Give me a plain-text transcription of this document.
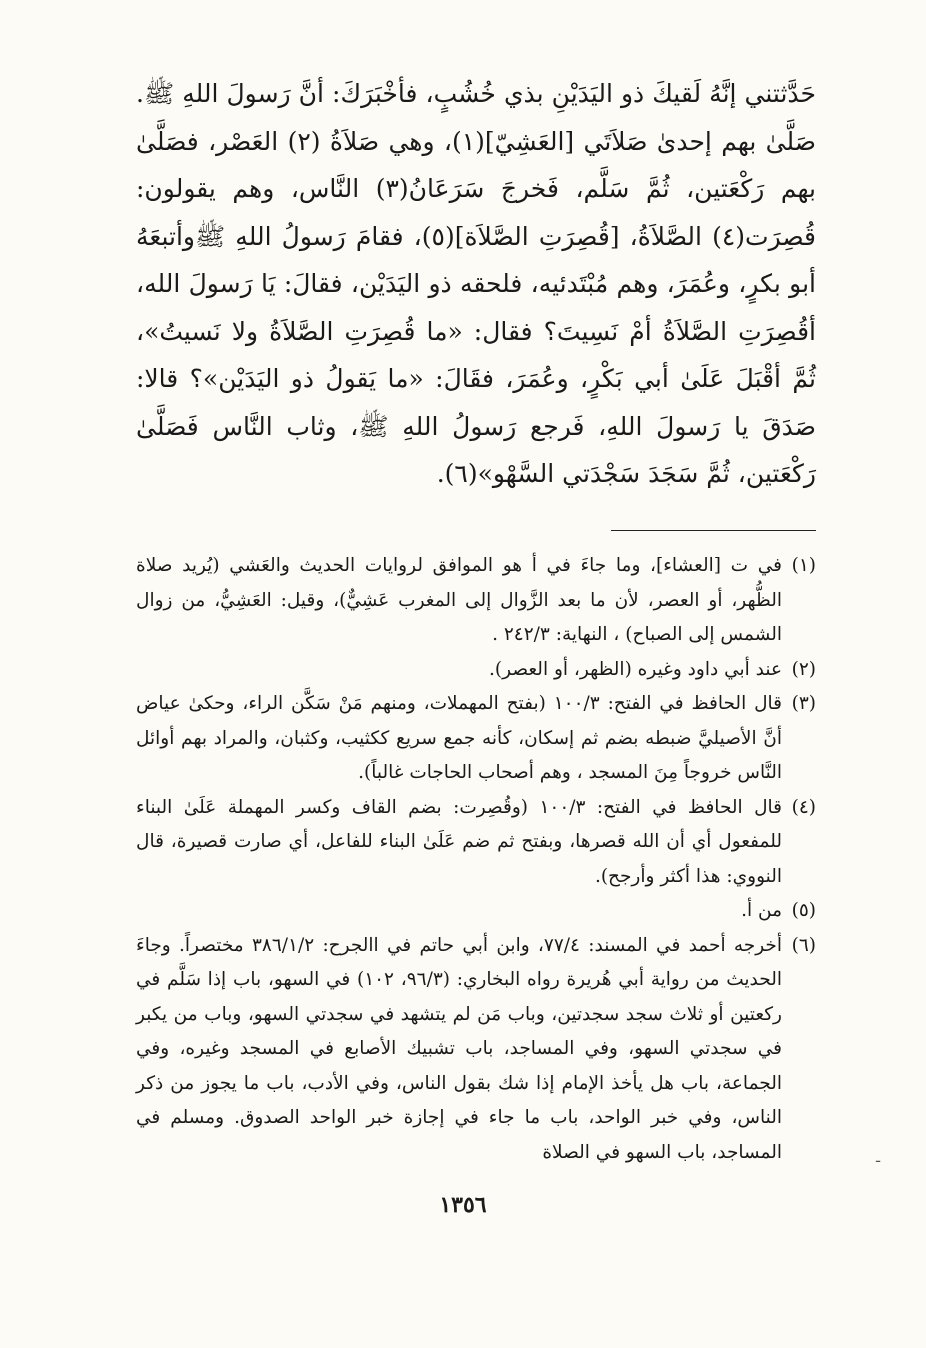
حَدَّثتني إنَّهُ لَقيكَ ذو اليَدَيْنِ بذي خُشُبٍ، فأخْبَرَكَ: أنَّ رَسولَ اللهِ ﷺ. صَلَّىٰ بهم إحدىٰ صَلاَتَي [العَشِيّ](١)، وهي صَلاَةُ (٢) العَصْر، فصَلَّىٰ بهم رَكْعَتين، ثُمَّ سَلَّم، فَخرجَ سَرَعَانُ(٣) النَّاس، وهم يقولون: قُصِرَت(٤) الصَّلاَةُ، [قُصِرَتِ الصَّلاَة](٥)، فقامَ رَسولُ اللهِ ﷺوأتبعَهُ أبو بكرٍ، وعُمَرَ، وهم مُبْتَدئيه، فلحقه ذو اليَدَيْن، فقالَ: يَا رَسولَ الله، أقُصِرَتِ الصَّلاَةُ أمْ نَسِيتَ؟ فقال: «ما قُصِرَتِ الصَّلاَةُ ولا نَسيتُ»، ثُمَّ أقْبَلَ عَلَىٰ أبي بَكْرٍ، وعُمَرَ، فقَالَ: «ما يَقولُ ذو اليَدَيْن»؟ قالا: صَدَقَ يا رَسولَ اللهِ، فَرجع رَسولُ اللهِ ﷺ، وثاب النَّاس فَصَلَّىٰ رَكْعَتين، ثُمَّ سَجَدَ سَجْدَتي السَّهْو»(٦).

(١)
في ت [العشاء]، وما جاءَ في أ هو الموافق لروايات الحديث والعَشي (يُريد صلاة الظُّهر، أو العصر، لأن ما بعد الزَّوال إلى المغرب عَشِيٌّ)، وقيل: العَشِيُّ، من زوال الشمس إلى الصباح) ، النهاية: ٢٤٢/٣ .
(٢)
عند أبي داود وغيره (الظهر، أو العصر).
(٣)
قال الحافظ في الفتح: ١٠٠/٣ (بفتح المهملات، ومنهم مَنْ سَكَّن الراء، وحكىٰ عياض أنَّ الأصيليَّ ضبطه بضم ثم إسكان، كأنه جمع سريع ككثيب، وكثبان، والمراد بهم أوائل النَّاس خروجاً مِنَ المسجد ، وهم أصحاب الحاجات غالباً).
(٤)
قال الحافظ في الفتح: ١٠٠/٣ (وقُصِرت: بضم القاف وكسر المهملة عَلَىٰ البناء للمفعول أي أن الله قصرها، وبفتح ثم ضم عَلَىٰ البناء للفاعل، أي صارت قصيرة، قال النووي: هذا أكثر وأرجح).
(٥)
من أ.
(٦)
أخرجه أحمد في المسند: ٧٧/٤، وابن أبي حاتم في االجرح: ٣٨٦/١/٢ مختصراً. وجاءَ الحديث من رواية أبي هُريرة رواه البخاري: (٩٦/٣، ١٠٢) في السهو، باب إذا سَلَّم في ركعتين أو ثلاث سجد سجدتين، وباب مَن لم يتشهد في سجدتي السهو، وباب من يكبر في سجدتي السهو، وفي المساجد، باب تشبيك الأصابع في المسجد وغيره، وفي الجماعة، باب هل يأخذ الإمام إذا شك بقول الناس، وفي الأدب، باب ما يجوز من ذكر الناس، وفي خبر الواحد، باب ما جاء في إجازة خبر الواحد الصدوق. ومسلم في المساجد، باب السهو في الصلاة	ـ
١٣٥٦
